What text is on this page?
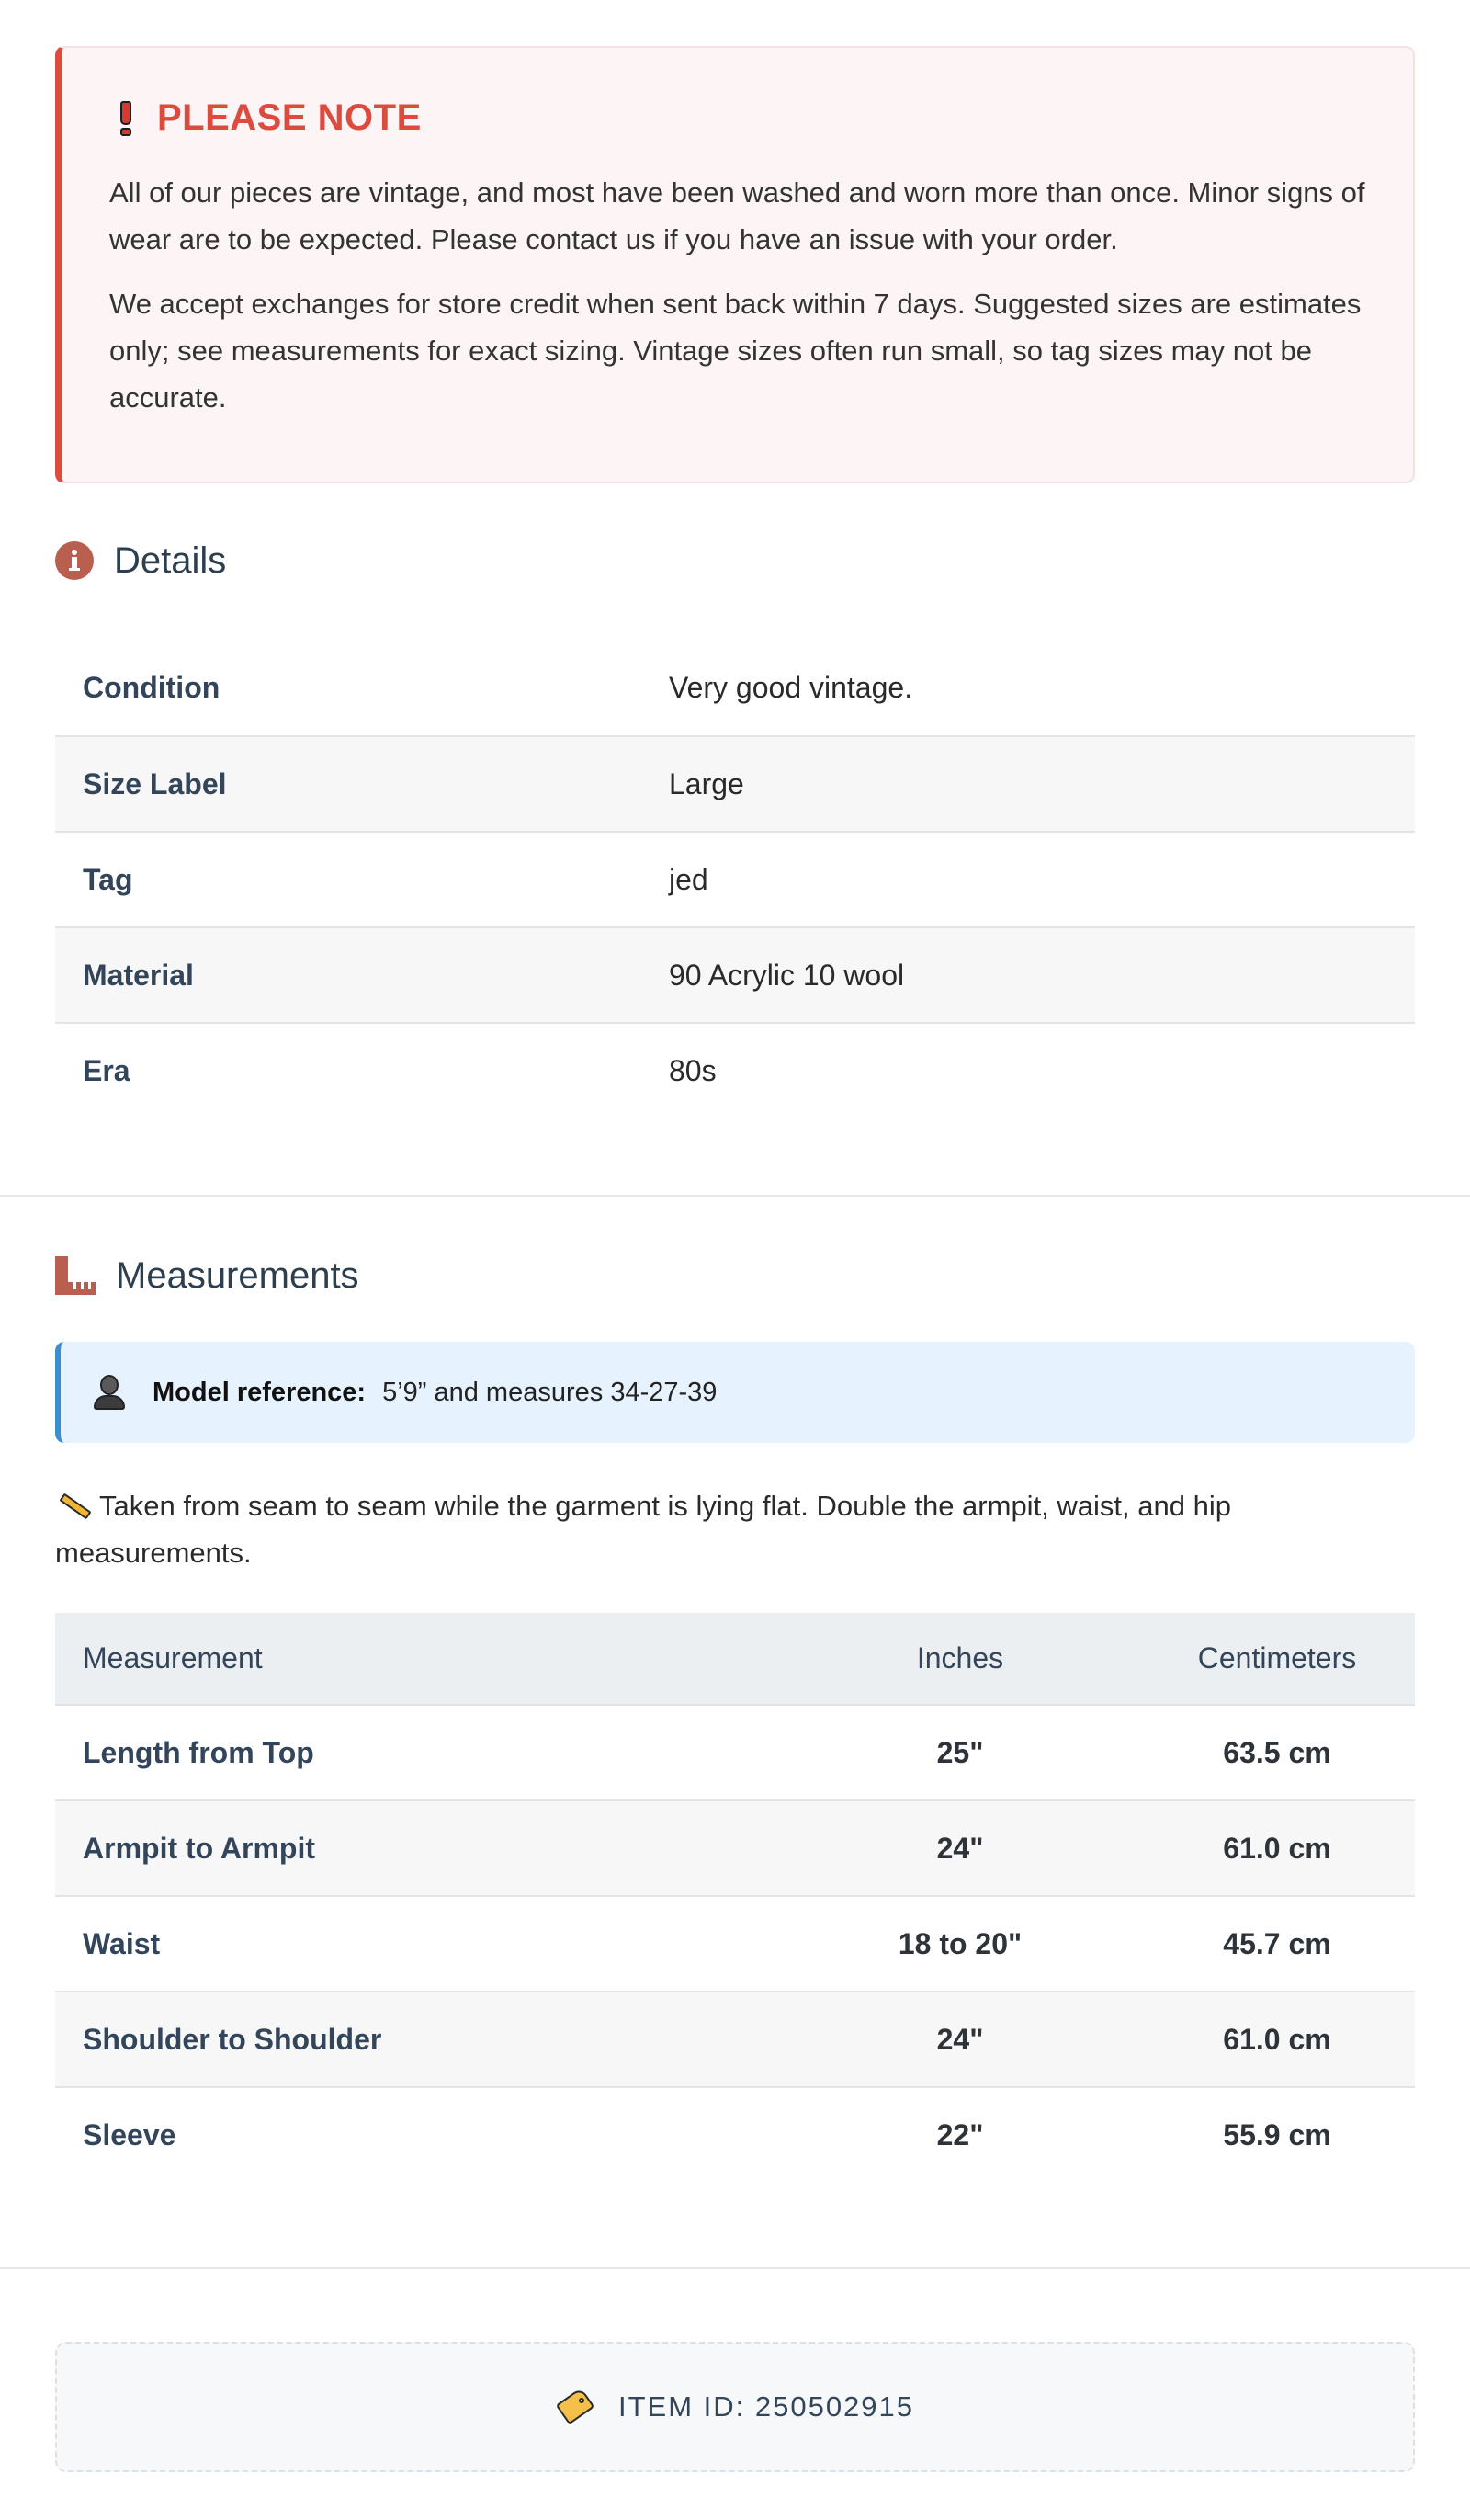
PLEASE NOTE

All of our pieces are vintage, and most have been washed and worn more than once. Minor signs of wear are to be expected. Please contact us if you have an issue with your order.

We accept exchanges for store credit when sent back within 7 days. Suggested sizes are estimates only; see measurements for exact sizing. Vintage sizes often run small, so tag sizes may not be accurate.

Details
Condition	Very good vintage.
Size Label	Large
Tag	jed
Material	90 Acrylic 10 wool
Era	80s
Measurements
Model reference: 5’9” and measures 34-27-39
Taken from seam to seam while the garment is lying flat. Double the armpit, waist, and hip measurements.
Measurement	Inches	Centimeters
Length from Top	25"	63.5 cm
Armpit to Armpit	24"	61.0 cm
Waist	18 to 20"	45.7 cm
Shoulder to Shoulder	24"	61.0 cm
Sleeve	22"	55.9 cm
ITEM ID: 250502915
